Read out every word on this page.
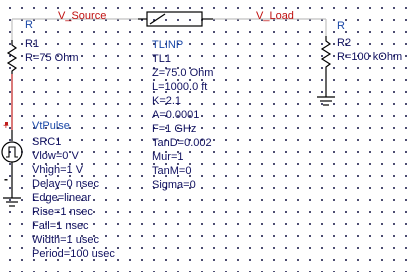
V_Source	V_Load
R
R1
R=75 Ohm
TLINP
TL1
Z=75.0 Ohm
L=1000.0 ft
K=2.1
A=0.0001
F=1 GHz
TanD=0.002
Mur=1
TanM=0
Sigma=0
R
R2
R=100 kOhm
+
-
VtPulse
SRC1
Vlow=0 V
Vhigh=1 V
Delay=0 nsec
Edge=linear
Rise=1 nsec
Fall=1 nsec
Width=1 usec
Period=100 usec
